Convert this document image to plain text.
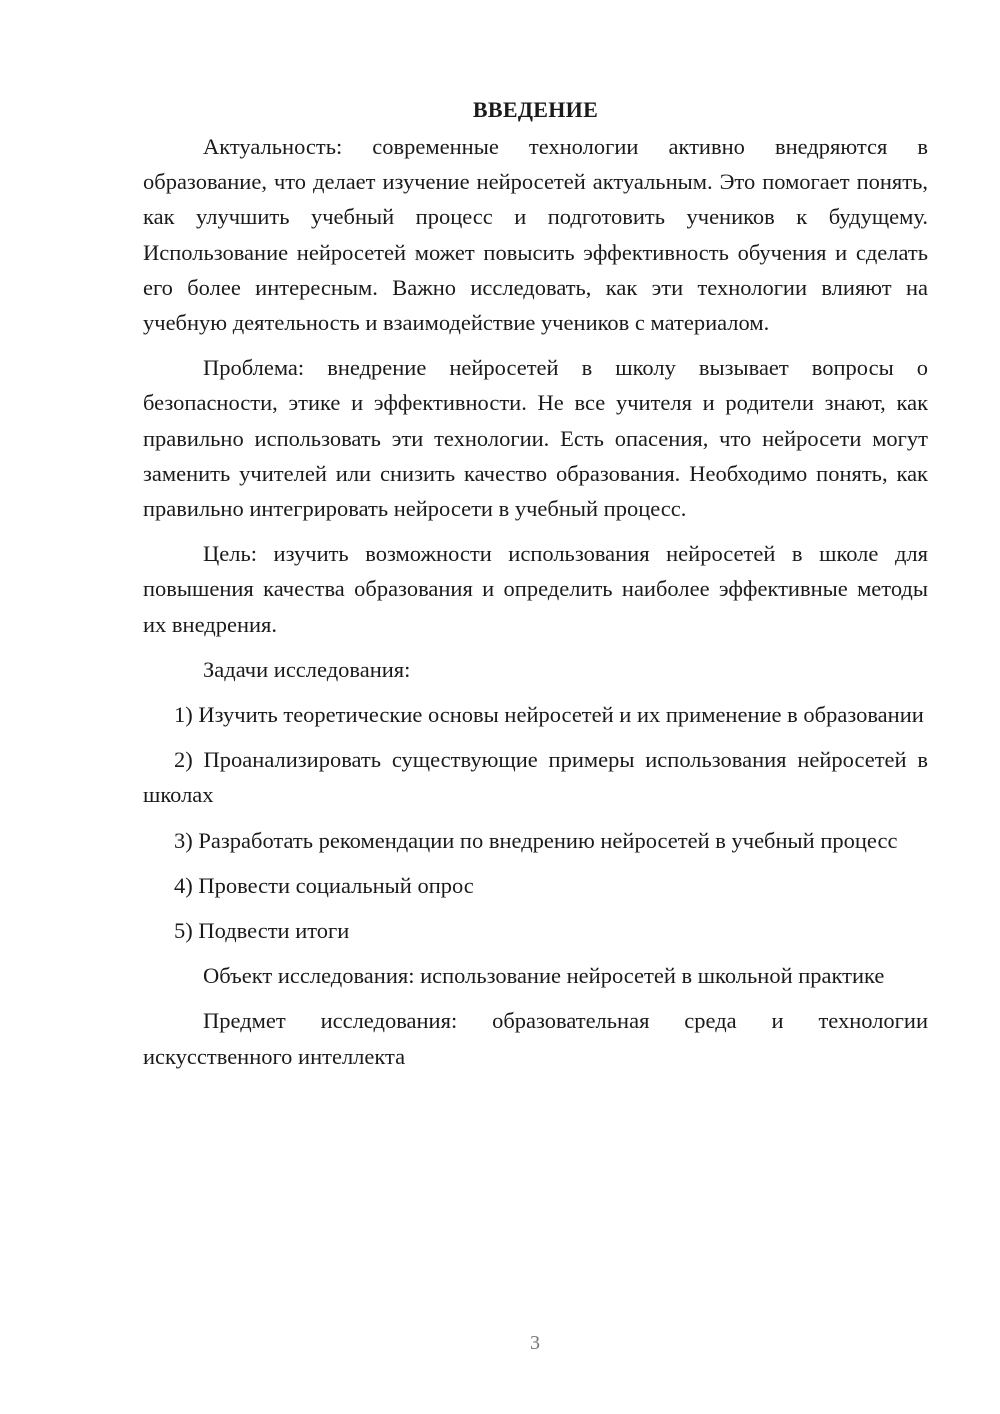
ВВЕДЕНИЕ

Актуальность: современные технологии активно внедряются в образование, что делает изучение нейросетей актуальным. Это помогает понять, как улучшить учебный процесс и подготовить учеников к будущему. Использование нейросетей может повысить эффективность обучения и сделать его более интересным. Важно исследовать, как эти технологии влияют на учебную деятельность и взаимодействие учеников с материалом.

Проблема: внедрение нейросетей в школу вызывает вопросы о безопасности, этике и эффективности. Не все учителя и родители знают, как правильно использовать эти технологии. Есть опасения, что нейросети могут заменить учителей или снизить качество образования. Необходимо понять, как правильно интегрировать нейросети в учебный процесс.

Цель: изучить возможности использования нейросетей в школе для повышения качества образования и определить наиболее эффективные методы их внедрения.

Задачи исследования:

1) Изучить теоретические основы нейросетей и их применение в образовании

2) Проанализировать существующие примеры использования нейросетей в школах

3) Разработать рекомендации по внедрению нейросетей в учебный процесс

4) Провести социальный опрос

5) Подвести итоги

Объект исследования: использование нейросетей в школьной практике

Предмет исследования: образовательная среда и технологии искусственного интеллекта

3
